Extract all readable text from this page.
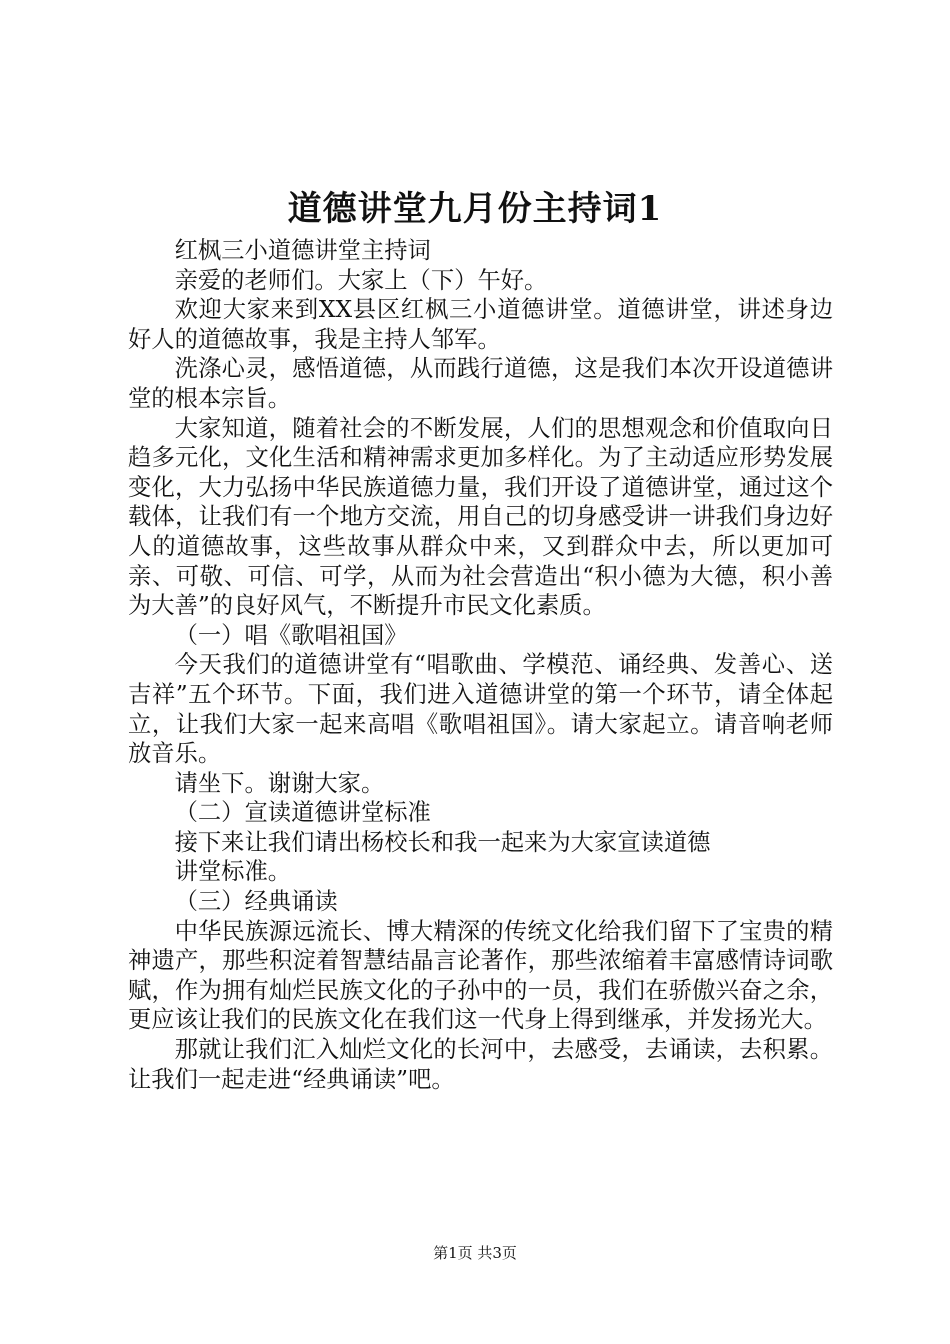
道德讲堂九月份主持词1

红枫三小道德讲堂主持词

亲爱的老师们。大家上（下）午好。

欢迎大家来到XX县区红枫三小道德讲堂。道德讲堂，讲述身边好人的道德故事，我是主持人邹军。

洗涤心灵，感悟道德，从而践行道德，这是我们本次开设道德讲堂的根本宗旨。

大家知道，随着社会的不断发展，人们的思想观念和价值取向日趋多元化，文化生活和精神需求更加多样化。为了主动适应形势发展变化，大力弘扬中华民族道德力量，我们开设了道德讲堂，通过这个载体，让我们有一个地方交流，用自己的切身感受讲一讲我们身边好人的道德故事，这些故事从群众中来，又到群众中去，所以更加可亲、可敬、可信、可学，从而为社会营造出“积小德为大德，积小善为大善”的良好风气，不断提升市民文化素质。

（一）唱《歌唱祖国》

今天我们的道德讲堂有“唱歌曲、学模范、诵经典、发善心、送吉祥”五个环节。下面，我们进入道德讲堂的第一个环节，请全体起立，让我们大家一起来高唱《歌唱祖国》。请大家起立。请音响老师放音乐。

请坐下。谢谢大家。

（二）宣读道德讲堂标准

接下来让我们请出杨校长和我一起来为大家宣读道德

讲堂标准。

（三）经典诵读

中华民族源远流长、博大精深的传统文化给我们留下了宝贵的精神遗产，那些积淀着智慧结晶言论著作，那些浓缩着丰富感情诗词歌赋，作为拥有灿烂民族文化的子孙中的一员，我们在骄傲兴奋之余，更应该让我们的民族文化在我们这一代身上得到继承，并发扬光大。

那就让我们汇入灿烂文化的长河中，去感受，去诵读，去积累。让我们一起走进“经典诵读”吧。

第1页 共3页
